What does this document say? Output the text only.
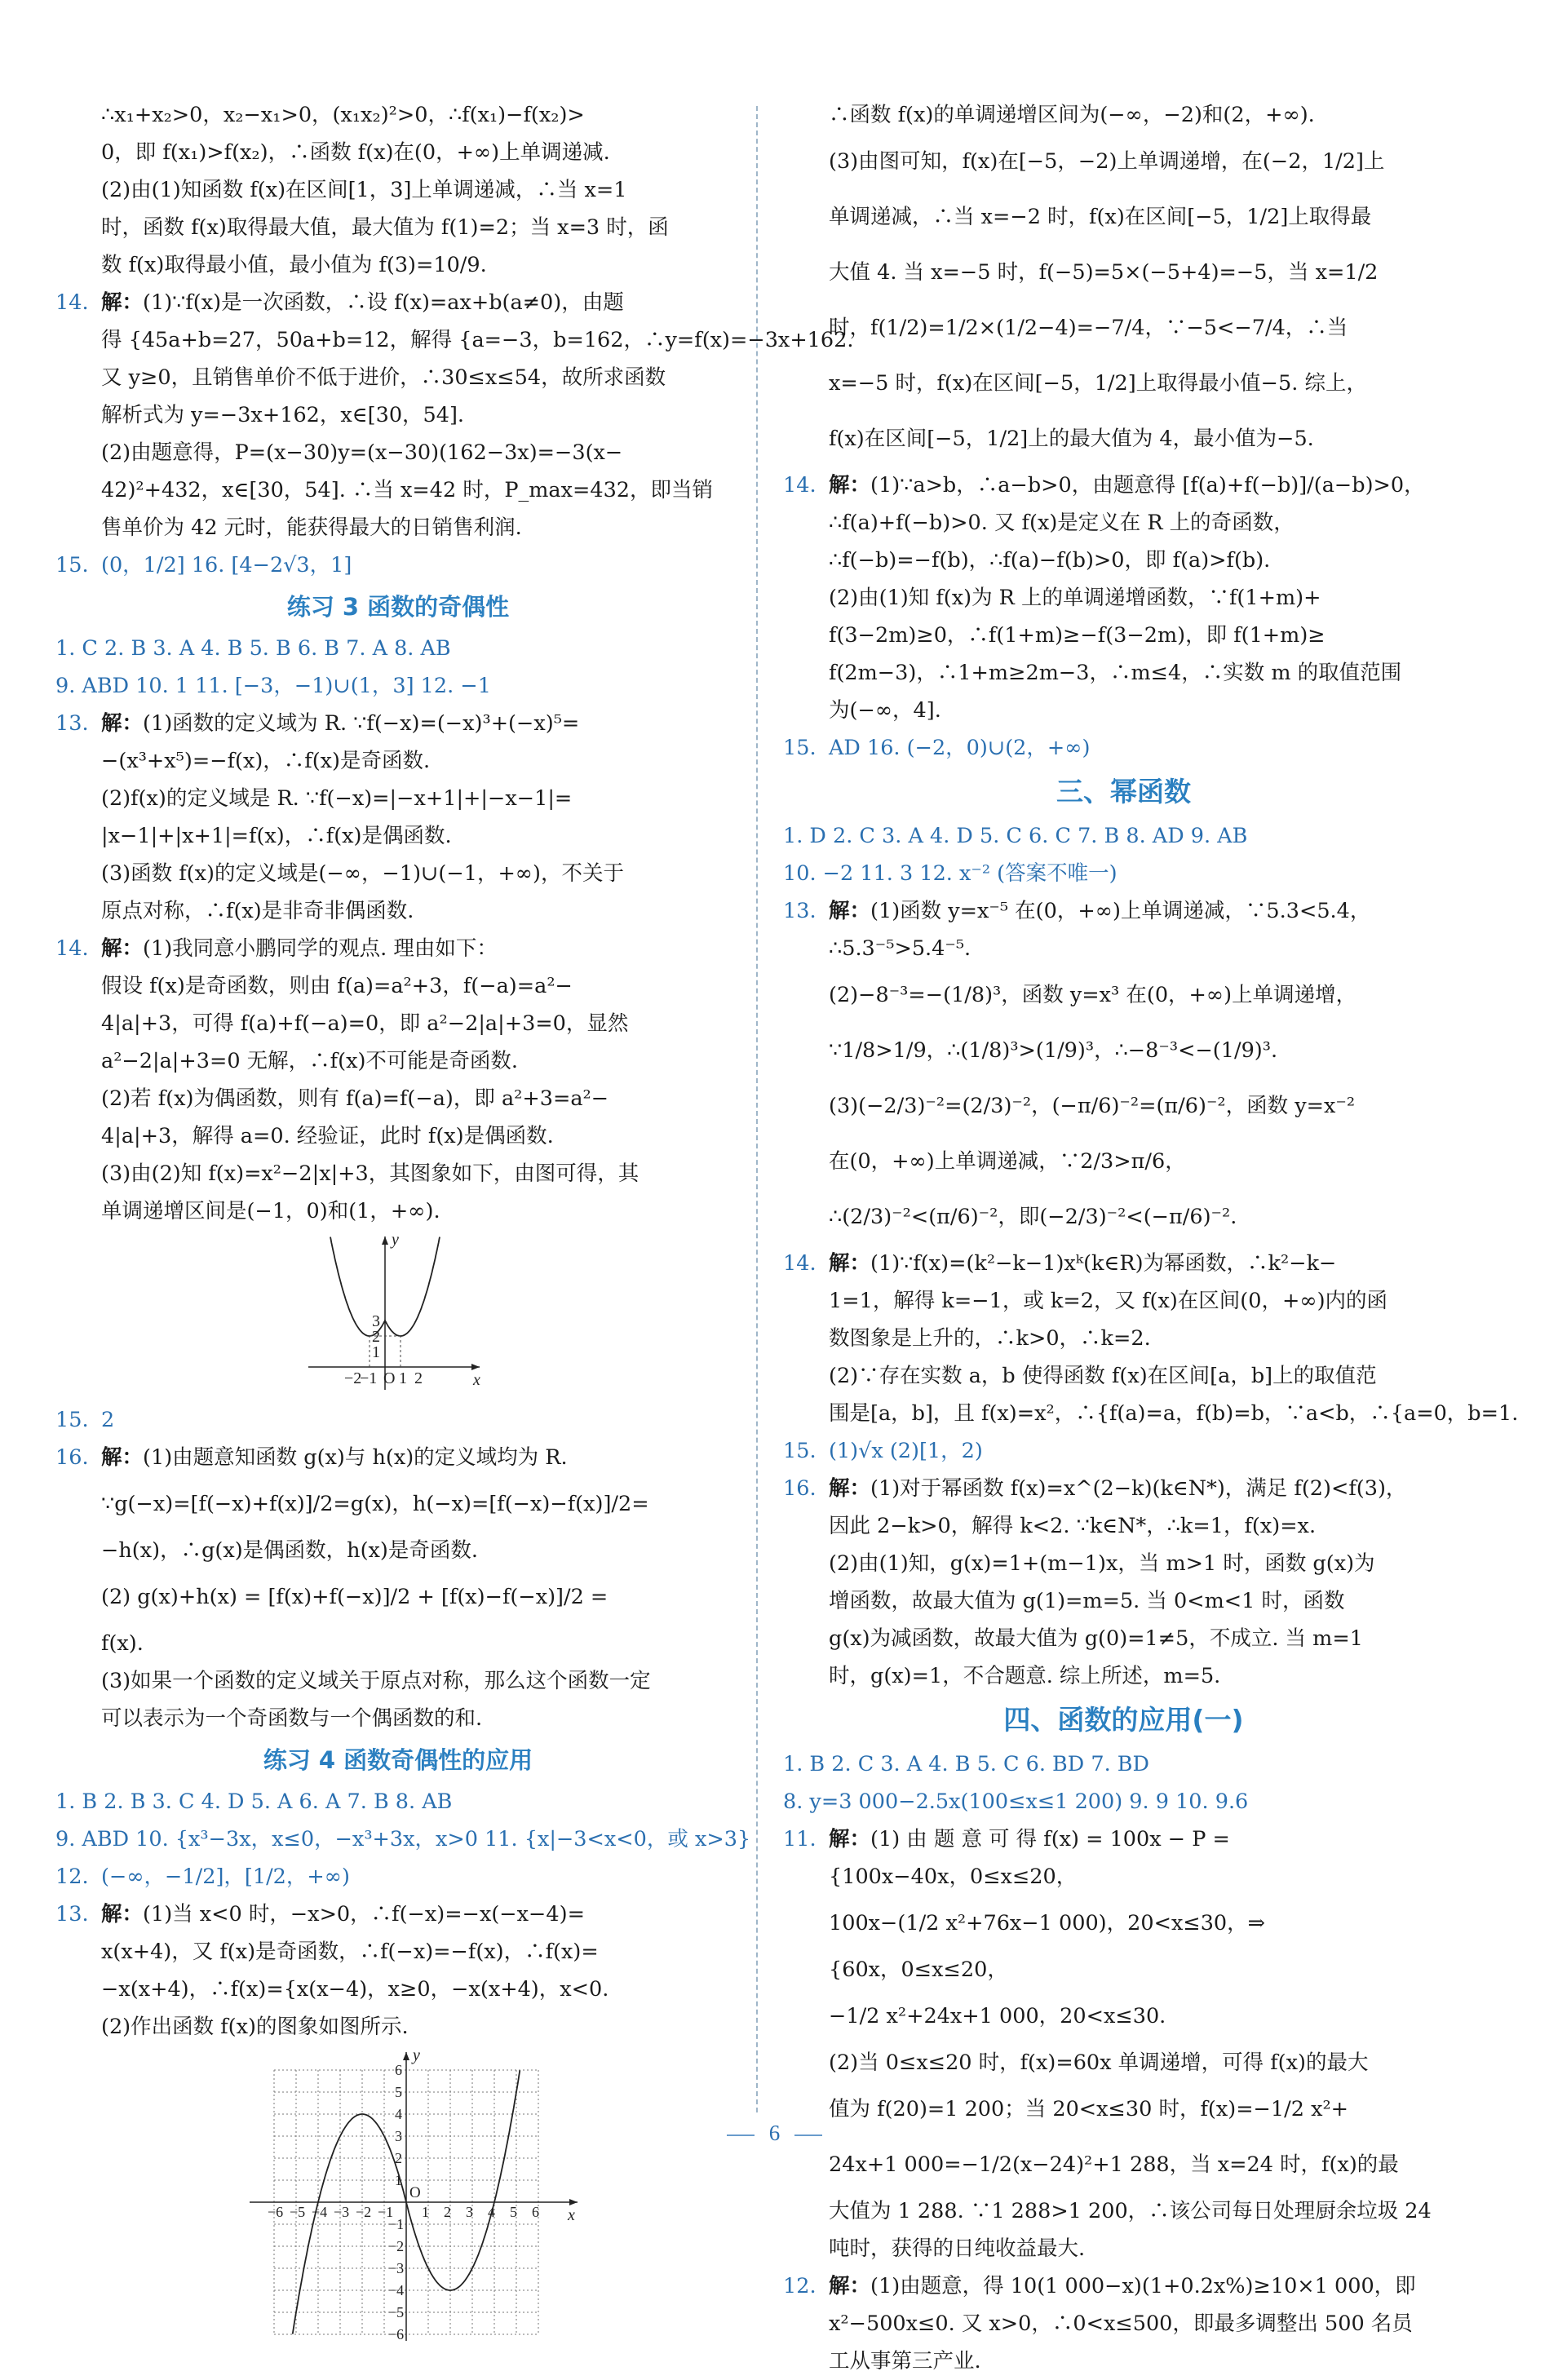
∴x₁+x₂>0，x₂−x₁>0，(x₁x₂)²>0，∴f(x₁)−f(x₂)>
0，即 f(x₁)>f(x₂)，∴函数 f(x)在(0，+∞)上单调递减.
(2)由(1)知函数 f(x)在区间[1，3]上单调递减，∴当 x=1
时，函数 f(x)取得最大值，最大值为 f(1)=2；当 x=3 时，函
数 f(x)取得最小值，最小值为 f(3)=10/9.
14. 解：(1)∵f(x)是一次函数，∴设 f(x)=ax+b(a≠0)，由题
得 {45a+b=27，50a+b=12，解得 {a=−3，b=162，∴y=f(x)=−3x+162.
又 y≥0，且销售单价不低于进价，∴30≤x≤54，故所求函数
解析式为 y=−3x+162，x∈[30，54].
(2)由题意得，P=(x−30)y=(x−30)(162−3x)=−3(x−
42)²+432，x∈[30，54]. ∴当 x=42 时，P_max=432，即当销
售单价为 42 元时，能获得最大的日销售利润.
15. (0，1/2] 16. [4−2√3，1]
练习 3 函数的奇偶性
1. C 2. B 3. A 4. B 5. B 6. B 7. A 8. AB
9. ABD 10. 1 11. [−3，−1)∪(1，3] 12. −1
13. 解：(1)函数的定义域为 R. ∵f(−x)=(−x)³+(−x)⁵=
−(x³+x⁵)=−f(x)，∴f(x)是奇函数.
(2)f(x)的定义域是 R. ∵f(−x)=|−x+1|+|−x−1|=
|x−1|+|x+1|=f(x)，∴f(x)是偶函数.
(3)函数 f(x)的定义域是(−∞，−1)∪(−1，+∞)，不关于
原点对称，∴f(x)是非奇非偶函数.
14. 解：(1)我同意小鹏同学的观点. 理由如下：
假设 f(x)是奇函数，则由 f(a)=a²+3，f(−a)=a²−
4|a|+3，可得 f(a)+f(−a)=0，即 a²−2|a|+3=0，显然
a²−2|a|+3=0 无解，∴f(x)不可能是奇函数.
(2)若 f(x)为偶函数，则有 f(a)=f(−a)，即 a²+3=a²−
4|a|+3，解得 a=0. 经验证，此时 f(x)是偶函数.
(3)由(2)知 f(x)=x²−2|x|+3，其图象如下，由图可得，其
单调递增区间是(−1，0)和(1，+∞).
−2
−1 O 1 2
1
2
3
x
y
15. 2
16. 解：(1)由题意知函数 g(x)与 h(x)的定义域均为 R.
∵g(−x)=[f(−x)+f(x)]/2=g(x)，h(−x)=[f(−x)−f(x)]/2=
−h(x)，∴g(x)是偶函数，h(x)是奇函数.
(2) g(x)+h(x) = [f(x)+f(−x)]/2 + [f(x)−f(−x)]/2 =
f(x).
(3)如果一个函数的定义域关于原点对称，那么这个函数一定
可以表示为一个奇函数与一个偶函数的和.
练习 4 函数奇偶性的应用
1. B 2. B 3. C 4. D 5. A 6. A 7. B 8. AB
9. ABD 10. {x³−3x，x≤0，−x³+3x，x>0 11. {x|−3<x<0，或 x>3}
12. (−∞，−1/2]，[1/2，+∞)
13. 解：(1)当 x<0 时，−x>0，∴f(−x)=−x(−x−4)=
x(x+4)，又 f(x)是奇函数，∴f(−x)=−f(x)，∴f(x)=
−x(x+4)，∴f(x)={x(x−4)，x≥0，−x(x+4)，x<0.
(2)作出函数 f(x)的图象如图所示.
−6 −5 −4 −3 −2 −1 1 2 3 4 5 6
6
5
4
3
2
1
−1
−2
−3
−4
−5
−6
O
x
y
∴函数 f(x)的单调递增区间为(−∞，−2)和(2，+∞).
(3)由图可知，f(x)在[−5，−2)上单调递增，在(−2，1/2]上
单调递减，∴当 x=−2 时，f(x)在区间[−5，1/2]上取得最
大值 4. 当 x=−5 时，f(−5)=5×(−5+4)=−5，当 x=1/2
时，f(1/2)=1/2×(1/2−4)=−7/4，∵−5<−7/4，∴当
x=−5 时，f(x)在区间[−5，1/2]上取得最小值−5. 综上，
f(x)在区间[−5，1/2]上的最大值为 4，最小值为−5.
14. 解：(1)∵a>b，∴a−b>0，由题意得 [f(a)+f(−b)]/(a−b)>0，
∴f(a)+f(−b)>0. 又 f(x)是定义在 R 上的奇函数，
∴f(−b)=−f(b)，∴f(a)−f(b)>0，即 f(a)>f(b).
(2)由(1)知 f(x)为 R 上的单调递增函数，∵f(1+m)+
f(3−2m)≥0，∴f(1+m)≥−f(3−2m)，即 f(1+m)≥
f(2m−3)，∴1+m≥2m−3，∴m≤4，∴实数 m 的取值范围
为(−∞，4].
15. AD 16. (−2，0)∪(2，+∞)
三、幂函数
1. D 2. C 3. A 4. D 5. C 6. C 7. B 8. AD 9. AB
10. −2 11. 3 12. x⁻² (答案不唯一)
13. 解：(1)函数 y=x⁻⁵ 在(0，+∞)上单调递减，∵5.3<5.4，
∴5.3⁻⁵>5.4⁻⁵.
(2)−8⁻³=−(1/8)³，函数 y=x³ 在(0，+∞)上单调递增，
∵1/8>1/9，∴(1/8)³>(1/9)³，∴−8⁻³<−(1/9)³.
(3)(−2/3)⁻²=(2/3)⁻²，(−π/6)⁻²=(π/6)⁻²，函数 y=x⁻²
在(0，+∞)上单调递减，∵2/3>π/6，
∴(2/3)⁻²<(π/6)⁻²，即(−2/3)⁻²<(−π/6)⁻².
14. 解：(1)∵f(x)=(k²−k−1)xᵏ(k∈R)为幂函数，∴k²−k−
1=1，解得 k=−1，或 k=2，又 f(x)在区间(0，+∞)内的函
数图象是上升的，∴k>0，∴k=2.
(2)∵存在实数 a，b 使得函数 f(x)在区间[a，b]上的取值范
围是[a，b]，且 f(x)=x²，∴{f(a)=a，f(b)=b，∵a<b，∴{a=0，b=1.
15. (1)√x (2)[1，2)
16. 解：(1)对于幂函数 f(x)=x^(2−k)(k∈N*)，满足 f(2)<f(3)，
因此 2−k>0，解得 k<2. ∵k∈N*，∴k=1，f(x)=x.
(2)由(1)知，g(x)=1+(m−1)x，当 m>1 时，函数 g(x)为
增函数，故最大值为 g(1)=m=5. 当 0<m<1 时，函数
g(x)为减函数，故最大值为 g(0)=1≠5，不成立. 当 m=1
时，g(x)=1，不合题意. 综上所述，m=5.
四、函数的应用(一)
1. B 2. C 3. A 4. B 5. C 6. BD 7. BD
8. y=3 000−2.5x(100≤x≤1 200) 9. 9 10. 9.6
11. 解：(1) 由 题 意 可 得 f(x) = 100x − P =
{100x−40x，0≤x≤20，
100x−(1/2 x²+76x−1 000)，20<x≤30，⇒
{60x，0≤x≤20，
−1/2 x²+24x+1 000，20<x≤30.
(2)当 0≤x≤20 时，f(x)=60x 单调递增，可得 f(x)的最大
值为 f(20)=1 200；当 20<x≤30 时，f(x)=−1/2 x²+
24x+1 000=−1/2(x−24)²+1 288，当 x=24 时，f(x)的最
大值为 1 288. ∵1 288>1 200，∴该公司每日处理厨余垃圾 24
吨时，获得的日纯收益最大.
12. 解：(1)由题意，得 10(1 000−x)(1+0.2x%)≥10×1 000，即
x²−500x≤0. 又 x>0，∴0<x≤500，即最多调整出 500 名员
工从事第三产业.
6
